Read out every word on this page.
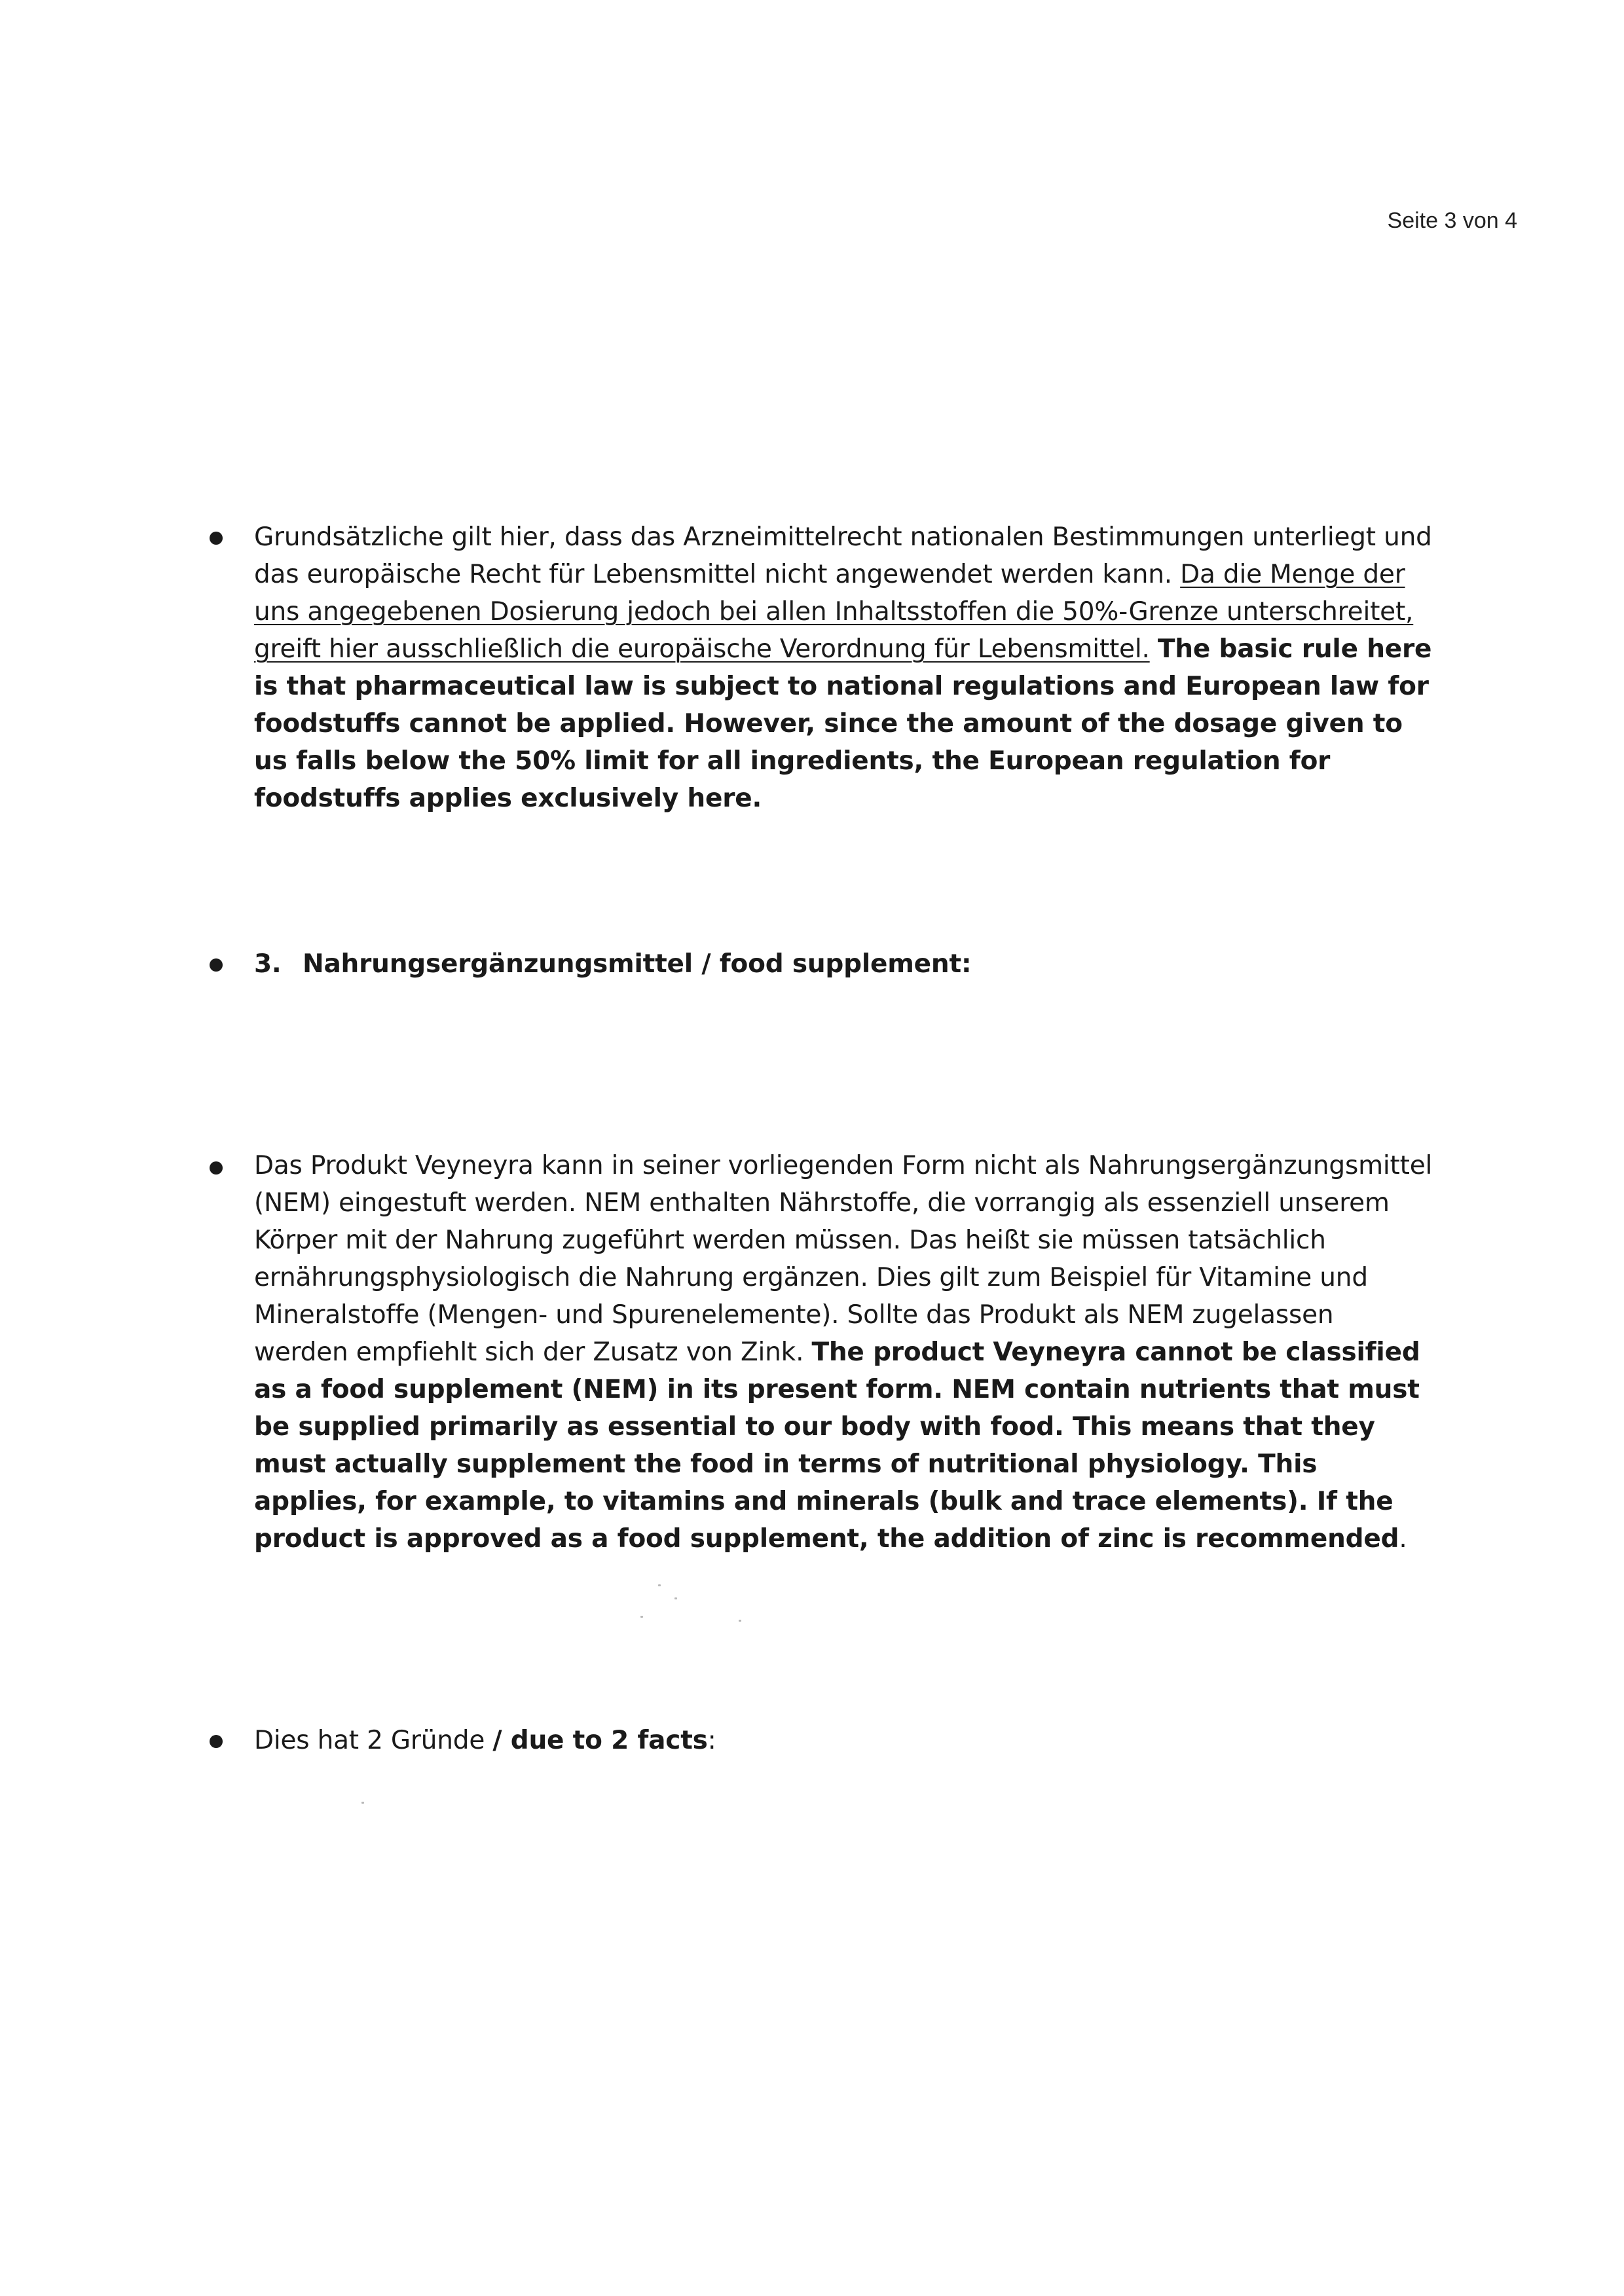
Seite 3 von 4
Grundsätzliche gilt hier, dass das Arzneimittelrecht nationalen Bestimmungen unterliegt und das europäische Recht für Lebensmittel nicht angewendet werden kann. Da die Menge der uns angegebenen Dosierung jedoch bei allen Inhaltsstoffen die 50%-Grenze unterschreitet, greift hier ausschließlich die europäische Verordnung für Lebensmittel. The basic rule here is that pharmaceutical law is subject to national regulations and European law for foodstuffs cannot be applied. However, since the amount of the dosage given to us falls below the 50% limit for all ingredients, the European regulation for foodstuffs applies exclusively here.
3. Nahrungsergänzungsmittel / food supplement:
Das Produkt Veyneyra kann in seiner vorliegenden Form nicht als Nahrungsergänzungsmittel (NEM) eingestuft werden. NEM enthalten Nährstoffe, die vorrangig als essenziell unserem Körper mit der Nahrung zugeführt werden müssen. Das heißt sie müssen tatsächlich ernährungsphysiologisch die Nahrung ergänzen. Dies gilt zum Beispiel für Vitamine und Mineralstoffe (Mengen- und Spurenelemente). Sollte das Produkt als NEM zugelassen werden empfiehlt sich der Zusatz von Zink. The product Veyneyra cannot be classified as a food supplement (NEM) in its present form. NEM contain nutrients that must be supplied primarily as essential to our body with food. This means that they must actually supplement the food in terms of nutritional physiology. This applies, for example, to vitamins and minerals (bulk and trace elements). If the product is approved as a food supplement, the addition of zinc is recommended.
Dies hat 2 Gründe / due to 2 facts:
